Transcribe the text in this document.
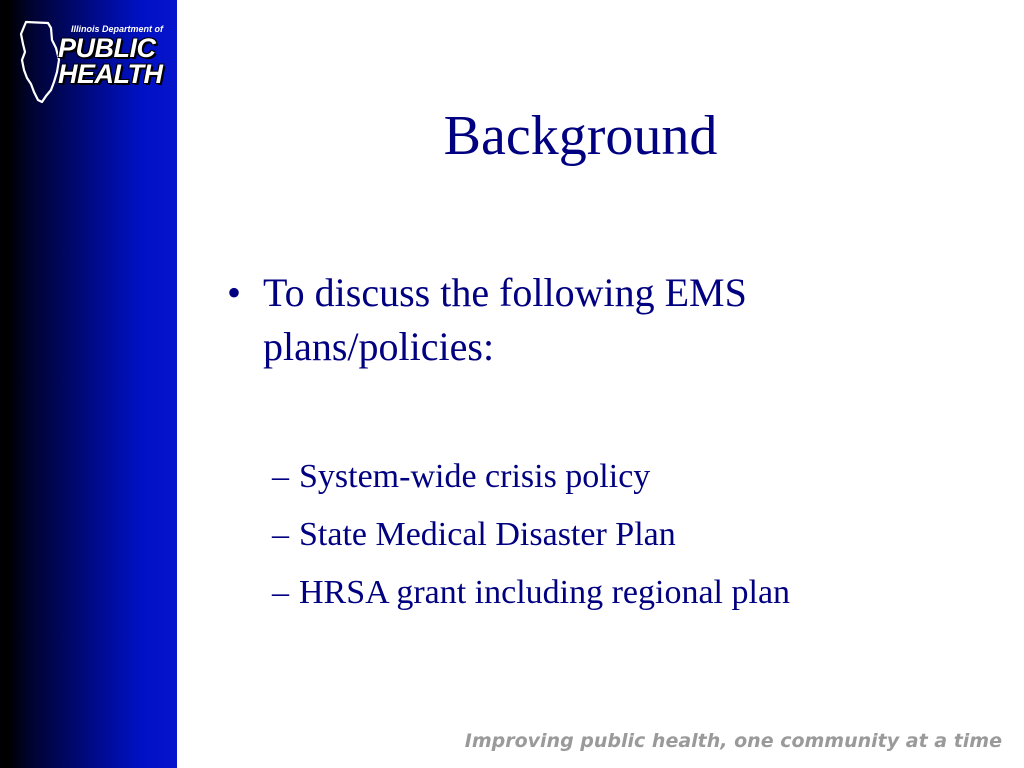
Illinois Department of
PUBLIC
HEALTH
Background
• To discuss the following EMS plans/policies:
– System-wide crisis policy
– State Medical Disaster Plan
– HRSA grant including regional plan
Improving public health, one community at a time
